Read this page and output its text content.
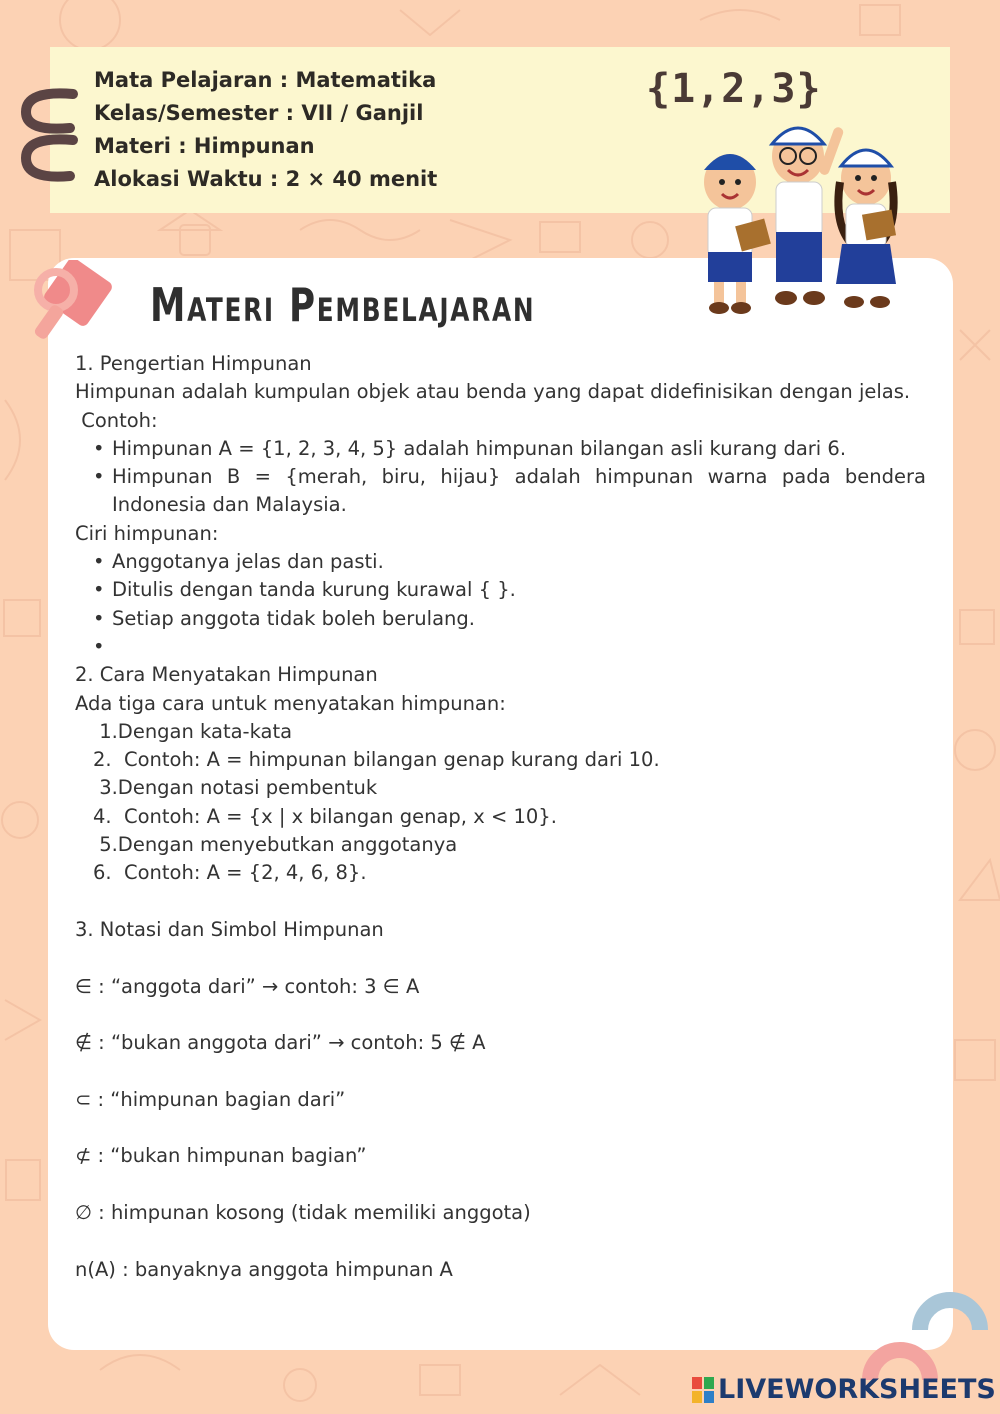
Mata Pelajaran : Matematika
Kelas/Semester : VII / Ganjil
Materi : Himpunan
Alokasi Waktu : 2 × 40 menit
{1,2,3}
Materi Pembelajaran

1. Pengertian Himpunan

Himpunan adalah kumpulan objek atau benda yang dapat didefinisikan dengan jelas.

Contoh:

• Himpunan A = {1, 2, 3, 4, 5} adalah himpunan bilangan asli kurang dari 6.
• Himpunan B = {merah, biru, hijau} adalah himpunan warna pada bendera Indonesia dan Malaysia.

Ciri himpunan:

• Anggotanya jelas dan pasti.
• Ditulis dengan tanda kurung kurawal { }.
• Setiap anggota tidak boleh berulang.
•

2. Cara Menyatakan Himpunan

Ada tiga cara untuk menyatakan himpunan:

1.Dengan kata-kata

2.  Contoh: A = himpunan bilangan genap kurang dari 10.

3.Dengan notasi pembentuk

4.  Contoh: A = {x | x bilangan genap, x < 10}.

5.Dengan menyebutkan anggotanya

6.  Contoh: A = {2, 4, 6, 8}.

3. Notasi dan Simbol Himpunan

∈ : “anggota dari” → contoh: 3 ∈ A

∉ : “bukan anggota dari” → contoh: 5 ∉ A

⊂ : “himpunan bagian dari”

⊄ : “bukan himpunan bagian”

∅ : himpunan kosong (tidak memiliki anggota)

n(A) : banyaknya anggota himpunan A

LIVEWORKSHEETS
